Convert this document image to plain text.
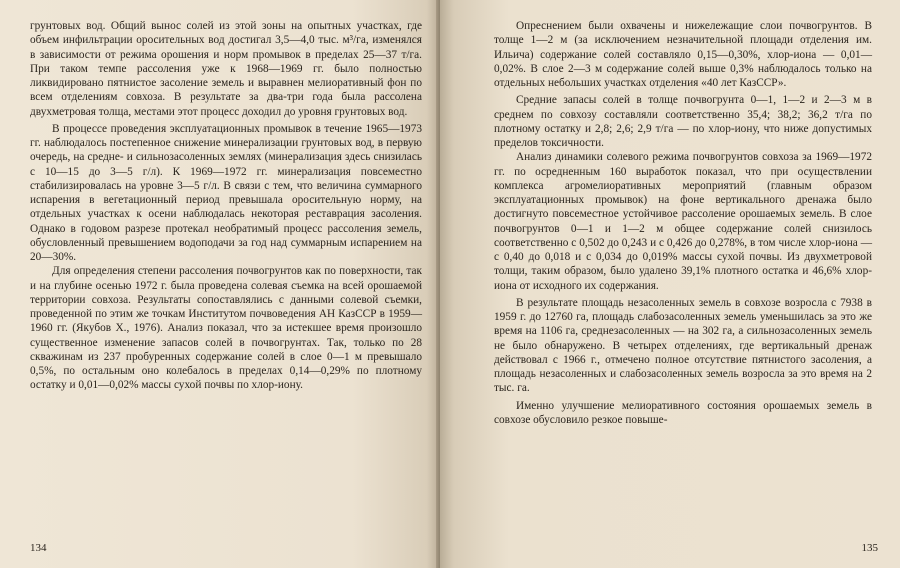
грунтовых вод. Общий вынос солей из этой зоны на опытных участках, где объем инфильтрации оросительных вод достигал 3,5—4,0 тыс. м³/га, изменялся в зависимости от режима орошения и норм промывок в пределах 25—37 т/га. При таком темпе рассоления уже к 1968—1969 гг. было полностью ликвидировано пятнистое засоление земель и выравнен мелиоративный фон по всем отделениям совхоза. В результате за два-три года была рассолена двухметровая толща, местами этот процесс доходил до уровня грунтовых вод.

В процессе проведения эксплуатационных промывок в течение 1965—1973 гг. наблюдалось постепенное снижение минерализации грунтовых вод, в первую очередь, на средне- и сильнозасоленных землях (минерализация здесь снизилась с 10—15 до 3—5 г/л). К 1969—1972 гг. минерализация повсеместно стабилизировалась на уровне 3—5 г/л. В связи с тем, что величина суммарного испарения в вегетационный период превышала оросительную норму, на отдельных участках к осени наблюдалась некоторая реставрация засоления. Однако в годовом разрезе протекал необратимый процесс рассоления земель, обусловленный превышением водоподачи за год над суммарным испарением на 20—30%.

Для определения степени рассоления почвогрунтов как по поверхности, так и на глубине осенью 1972 г. была проведена солевая съемка на всей орошаемой территории совхоза. Результаты сопоставлялись с данными солевой съемки, проведенной по этим же точкам Институтом почвоведения АН КазССР в 1959—1960 гг. (Якубов Х., 1976). Анализ показал, что за истекшее время произошло существенное изменение запасов солей в почвогрунтах. Так, только по 28 скважинам из 237 пробуренных содержание солей в слое 0—1 м превышало 0,5%, по остальным оно колебалось в пределах 0,14—0,29% по плотному остатку и 0,01—0,02% массы сухой почвы по хлор-иону.

134

Опреснением были охвачены и нижележащие слои почвогрунтов. В толще 1—2 м (за исключением незначительной площади отделения им. Ильича) содержание солей составляло 0,15—0,30%, хлор-иона — 0,01—0,02%. В слое 2—3 м содержание солей выше 0,3% наблюдалось только на отдельных небольших участках отделения «40 лет КазССР».

Средние запасы солей в толще почвогрунта 0—1, 1—2 и 2—3 м в среднем по совхозу составляли соответственно 35,4; 38,2; 36,2 т/га по плотному остатку и 2,8; 2,6; 2,9 т/га — по хлор-иону, что ниже допустимых пределов токсичности.

Анализ динамики солевого режима почвогрунтов совхоза за 1969—1972 гг. по осредненным 160 выработок показал, что при осуществлении комплекса агромелиоративных мероприятий (главным образом эксплуатационных промывок) на фоне вертикального дренажа было достигнуто повсеместное устойчивое рассоление орошаемых земель. В слое почвогрунтов 0—1 и 1—2 м общее содержание солей снизилось соответственно с 0,502 до 0,243 и с 0,426 до 0,278%, в том числе хлор-иона — с 0,40 до 0,018 и с 0,034 до 0,019% массы сухой почвы. Из двухметровой толщи, таким образом, было удалено 39,1% плотного остатка и 46,6% хлор-иона от исходного их содержания.

В результате площадь незасоленных земель в совхозе возросла с 7938 в 1959 г. до 12760 га, площадь слабозасоленных земель уменьшилась за это же время на 1106 га, среднезасоленных — на 302 га, а сильнозасоленных земель не было обнаружено. В четырех отделениях, где вертикальный дренаж действовал с 1966 г., отмечено полное отсутствие пятнистого засоления, а площадь незасоленных и слабозасоленных земель возросла за это время на 2 тыс. га.

Именно улучшение мелиоративного состояния орошаемых земель в совхозе обусловило резкое повыше-

135
